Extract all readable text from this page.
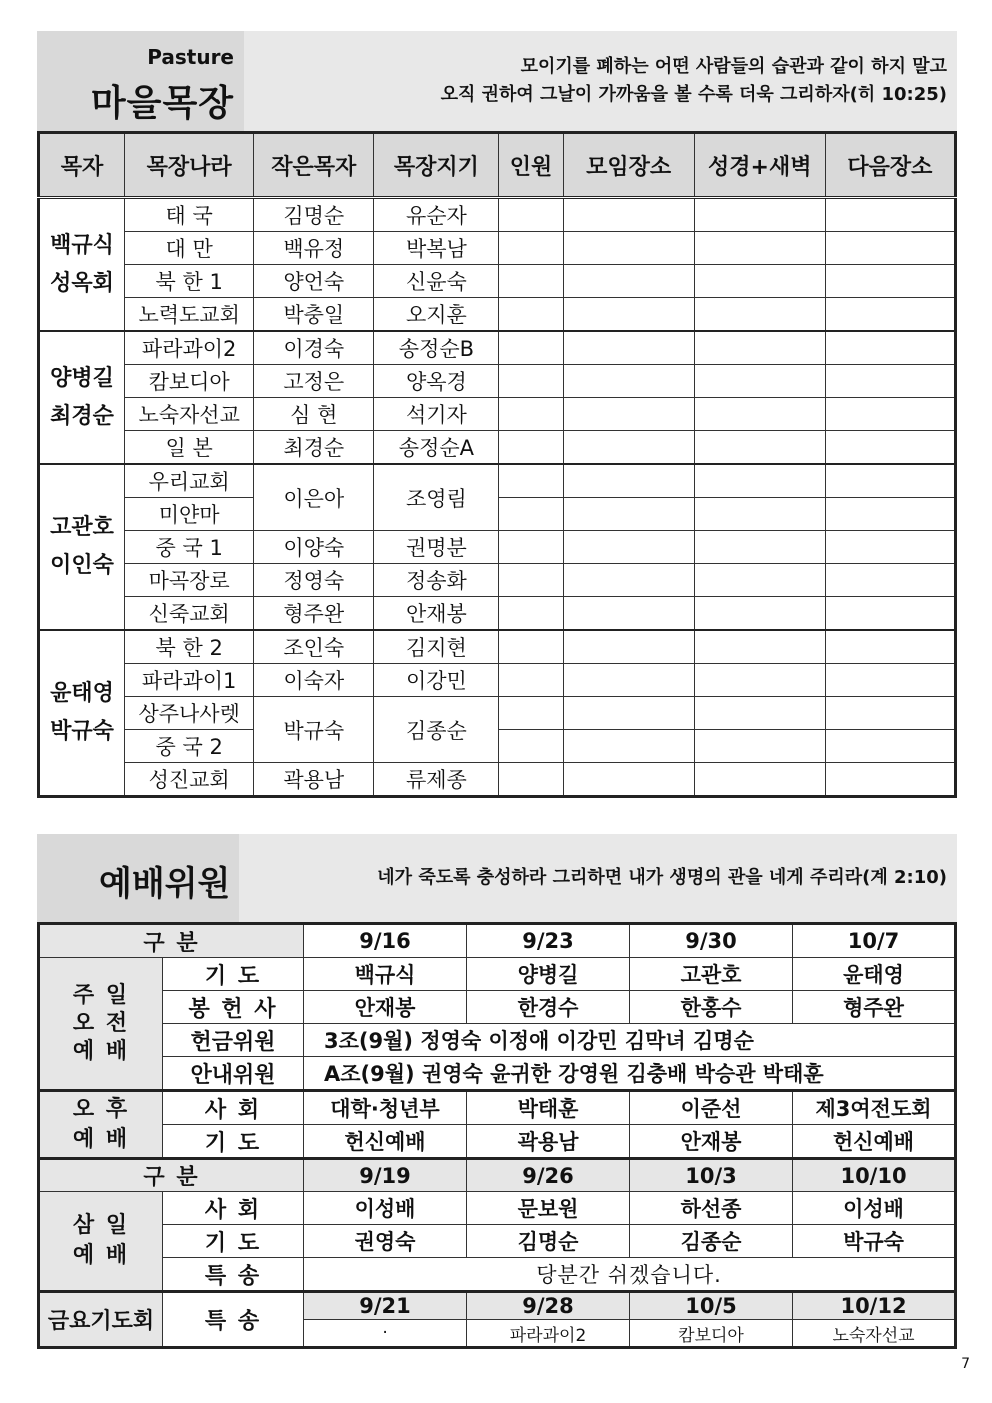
Pasture
마을목장
모이기를 폐하는 어떤 사람들의 습관과 같이 하지 말고
오직 권하여 그날이 가까움을 볼 수록 더욱 그리하자(히 10:25)
목자	목장나라	작은목자	목장지기	인원	모임장소	성경+새벽	다음장소

백규식
성옥회	태 국	김명순	유순자				
	대 만	백유정	박복남				
	북 한 1	양언숙	신윤숙				
	노력도교회	박충일	오지훈				

양병길
최경순	파라과이2	이경숙	송정순B				
	캄보디아	고정은	양옥경				
	노숙자선교	심 현	석기자				
	일 본	최경순	송정순A				

고관호
이인숙	우리교회	이은아	조영림				
	미얀마						
	중 국 1	이양숙	권명분				
	마곡장로	정영숙	정송화				
	신죽교회	형주완	안재봉				

윤태영
박규숙	북 한 2	조인숙	김지현				
	파라과이1	이숙자	이강민				
	상주나사렛	박규숙	김종순				
	중 국 2						
	성진교회	곽용남	류제종				
예배위원	네가 죽도록 충성하라 그리하면 내가 생명의 관을 네게 주리라(계 2:10)
구 분		9/16	9/23	9/30	10/7

주 일
오 전
예 배	기 도	백규식	양병길	고관호	윤태영
	봉 헌 사	안재봉	한경수	한홍수	형주완
	헌금위원	3조(9월) 정영숙 이정애 이강민 김막녀 김명순			
	안내위원	A조(9월) 권영숙 윤귀한 강영원 김충배 박승관 박태훈			

오 후
예 배	사 회	대학·청년부	박태훈	이준선	제3여전도회
	기 도	헌신예배	곽용남	안재봉	헌신예배
구 분		9/19	9/26	10/3	10/10

삼 일
예 배	사 회	이성배	문보원	하선종	이성배
	기 도	권영숙	김명순	김종순	박규숙
	특 송	당분간 쉬겠습니다.			
금요기도회	특 송	9/21	9/28	10/5	10/12
		·	파라과이2	캄보디아	노숙자선교
7
